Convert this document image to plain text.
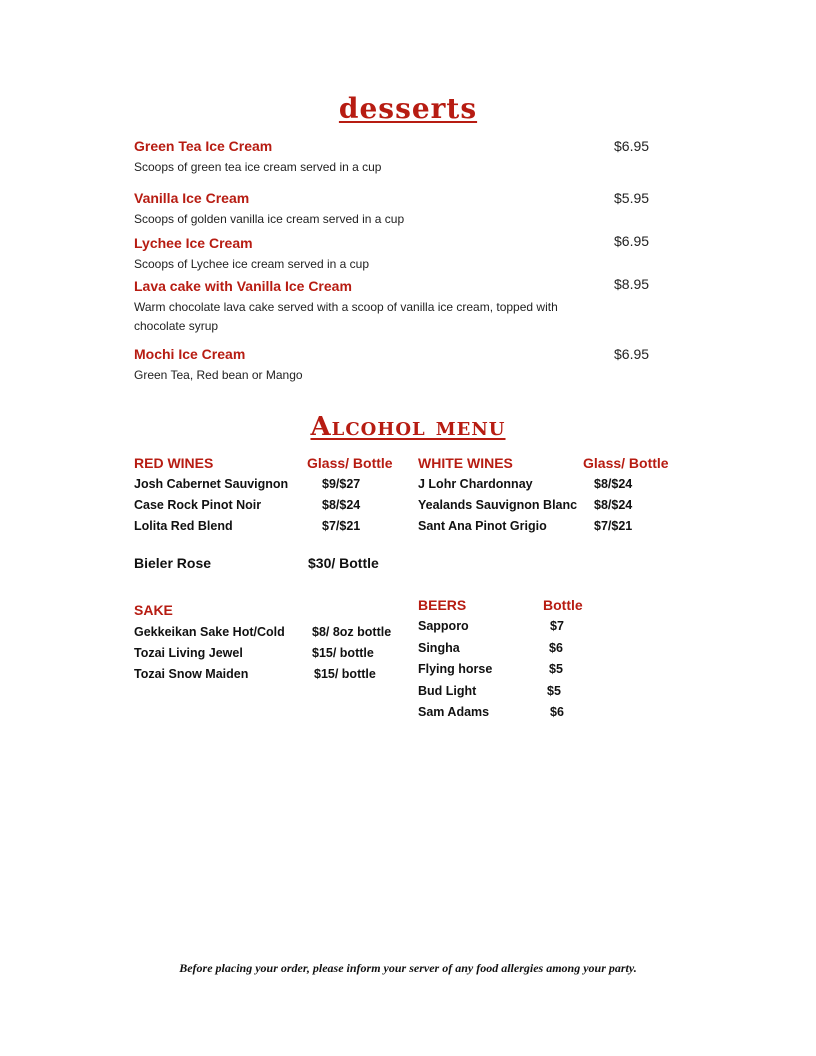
desserts
Green Tea Ice Cream	$6.95
Scoops of green tea ice cream served in a cup
Vanilla Ice Cream	$5.95
Scoops of golden vanilla ice cream served in a cup
Lychee Ice Cream	$6.95
Scoops of Lychee ice cream served in a cup
Lava cake with Vanilla Ice Cream	$8.95
Warm chocolate lava cake served with a scoop of vanilla ice cream, topped with chocolate syrup
Mochi Ice Cream	$6.95
Green Tea, Red bean or Mango
Alcohol menu
RED WINES	Glass/ Bottle
Josh Cabernet Sauvignon	$9/$27
Case Rock Pinot Noir	$8/$24
Lolita Red Blend	$7/$21
WHITE WINES	Glass/ Bottle
J Lohr Chardonnay	$8/$24
Yealands Sauvignon Blanc $8/$24
Sant Ana Pinot Grigio	$7/$21
Bieler Rose	$30/ Bottle
SAKE
Gekkeikan Sake Hot/Cold $8/ 8oz bottle
Tozai Living Jewel	$15/ bottle
Tozai Snow Maiden	$15/ bottle
BEERS	Bottle
Sapporo	$7
Singha	$6
Flying horse	$5
Bud Light	$5
Sam Adams	$6
Before placing your order, please inform your server of any food allergies among your party.
